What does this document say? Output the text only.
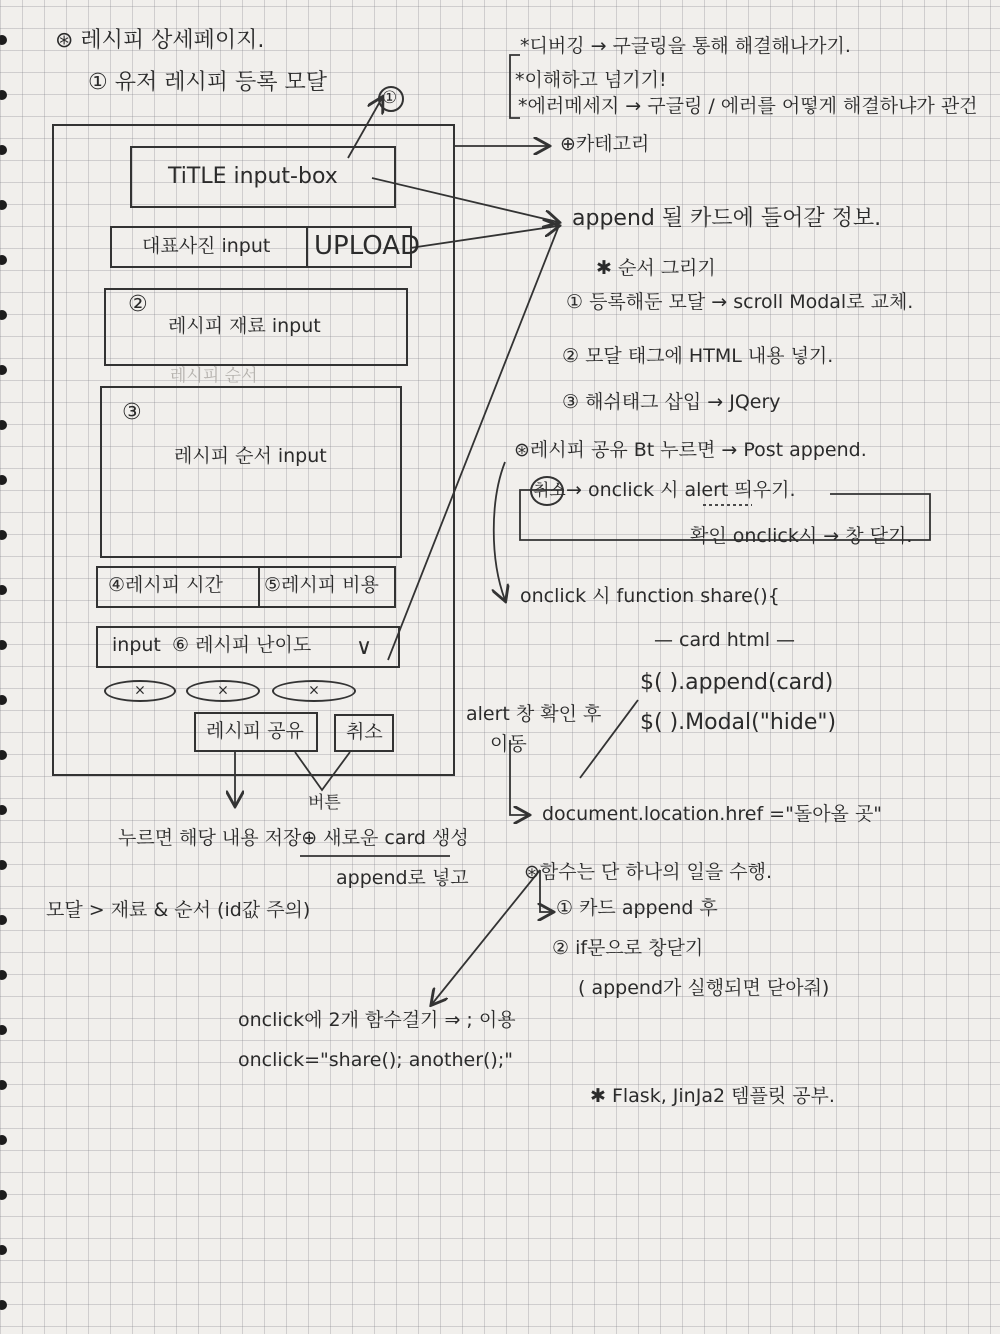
⊛ 레시피 상세페이지.
① 유저 레시피 등록 모달
①
TiTLE input-box
대표사진 input UPLOAD
②
레시피 재료 input
레시피 순서
③
레시피 순서 input
④레시피 시간 ⑤레시피 비용
input ⑥ 레시피 난이도 ∨
×	×	×
레시피 공유 취소
*디버깅 → 구글링을 통해 해결해나가기.
*이해하고 넘기기!
*에러메세지 → 구글링 / 에러를 어떻게 해결하냐가 관건
⊕카테고리
append 될 카드에 들어갈 정보.
✱ 순서 그리기
① 등록해둔 모달 → scroll Modal로 교체.
② 모달 태그에 HTML 내용 넣기.
③ 해쉬태그 삽입 → JQery
⊛레시피 공유 Bt 누르면 → Post append.
취소 → onclick 시 alert 띄우기.
확인 onclick시 → 창 닫기.
onclick 시 function share(){
— card html —
$( ).append(card)
$( ).Modal("hide")
alert 창 확인 후
이동
document.location.href ="돌아올 곳"
버튼
누르면 해당 내용 저장⊕ 새로운 card 생성
append로 넣고
모달 > 재료 & 순서 (id값 주의)
⊛함수는 단 하나의 일을 수행.
① 카드 append 후
② if문으로 창닫기
( append가 실행되면 닫아줘)
onclick에 2개 함수걸기 ⇒ ; 이용
onclick="share(); another();"
✱ Flask, JinJa2 템플릿 공부.
